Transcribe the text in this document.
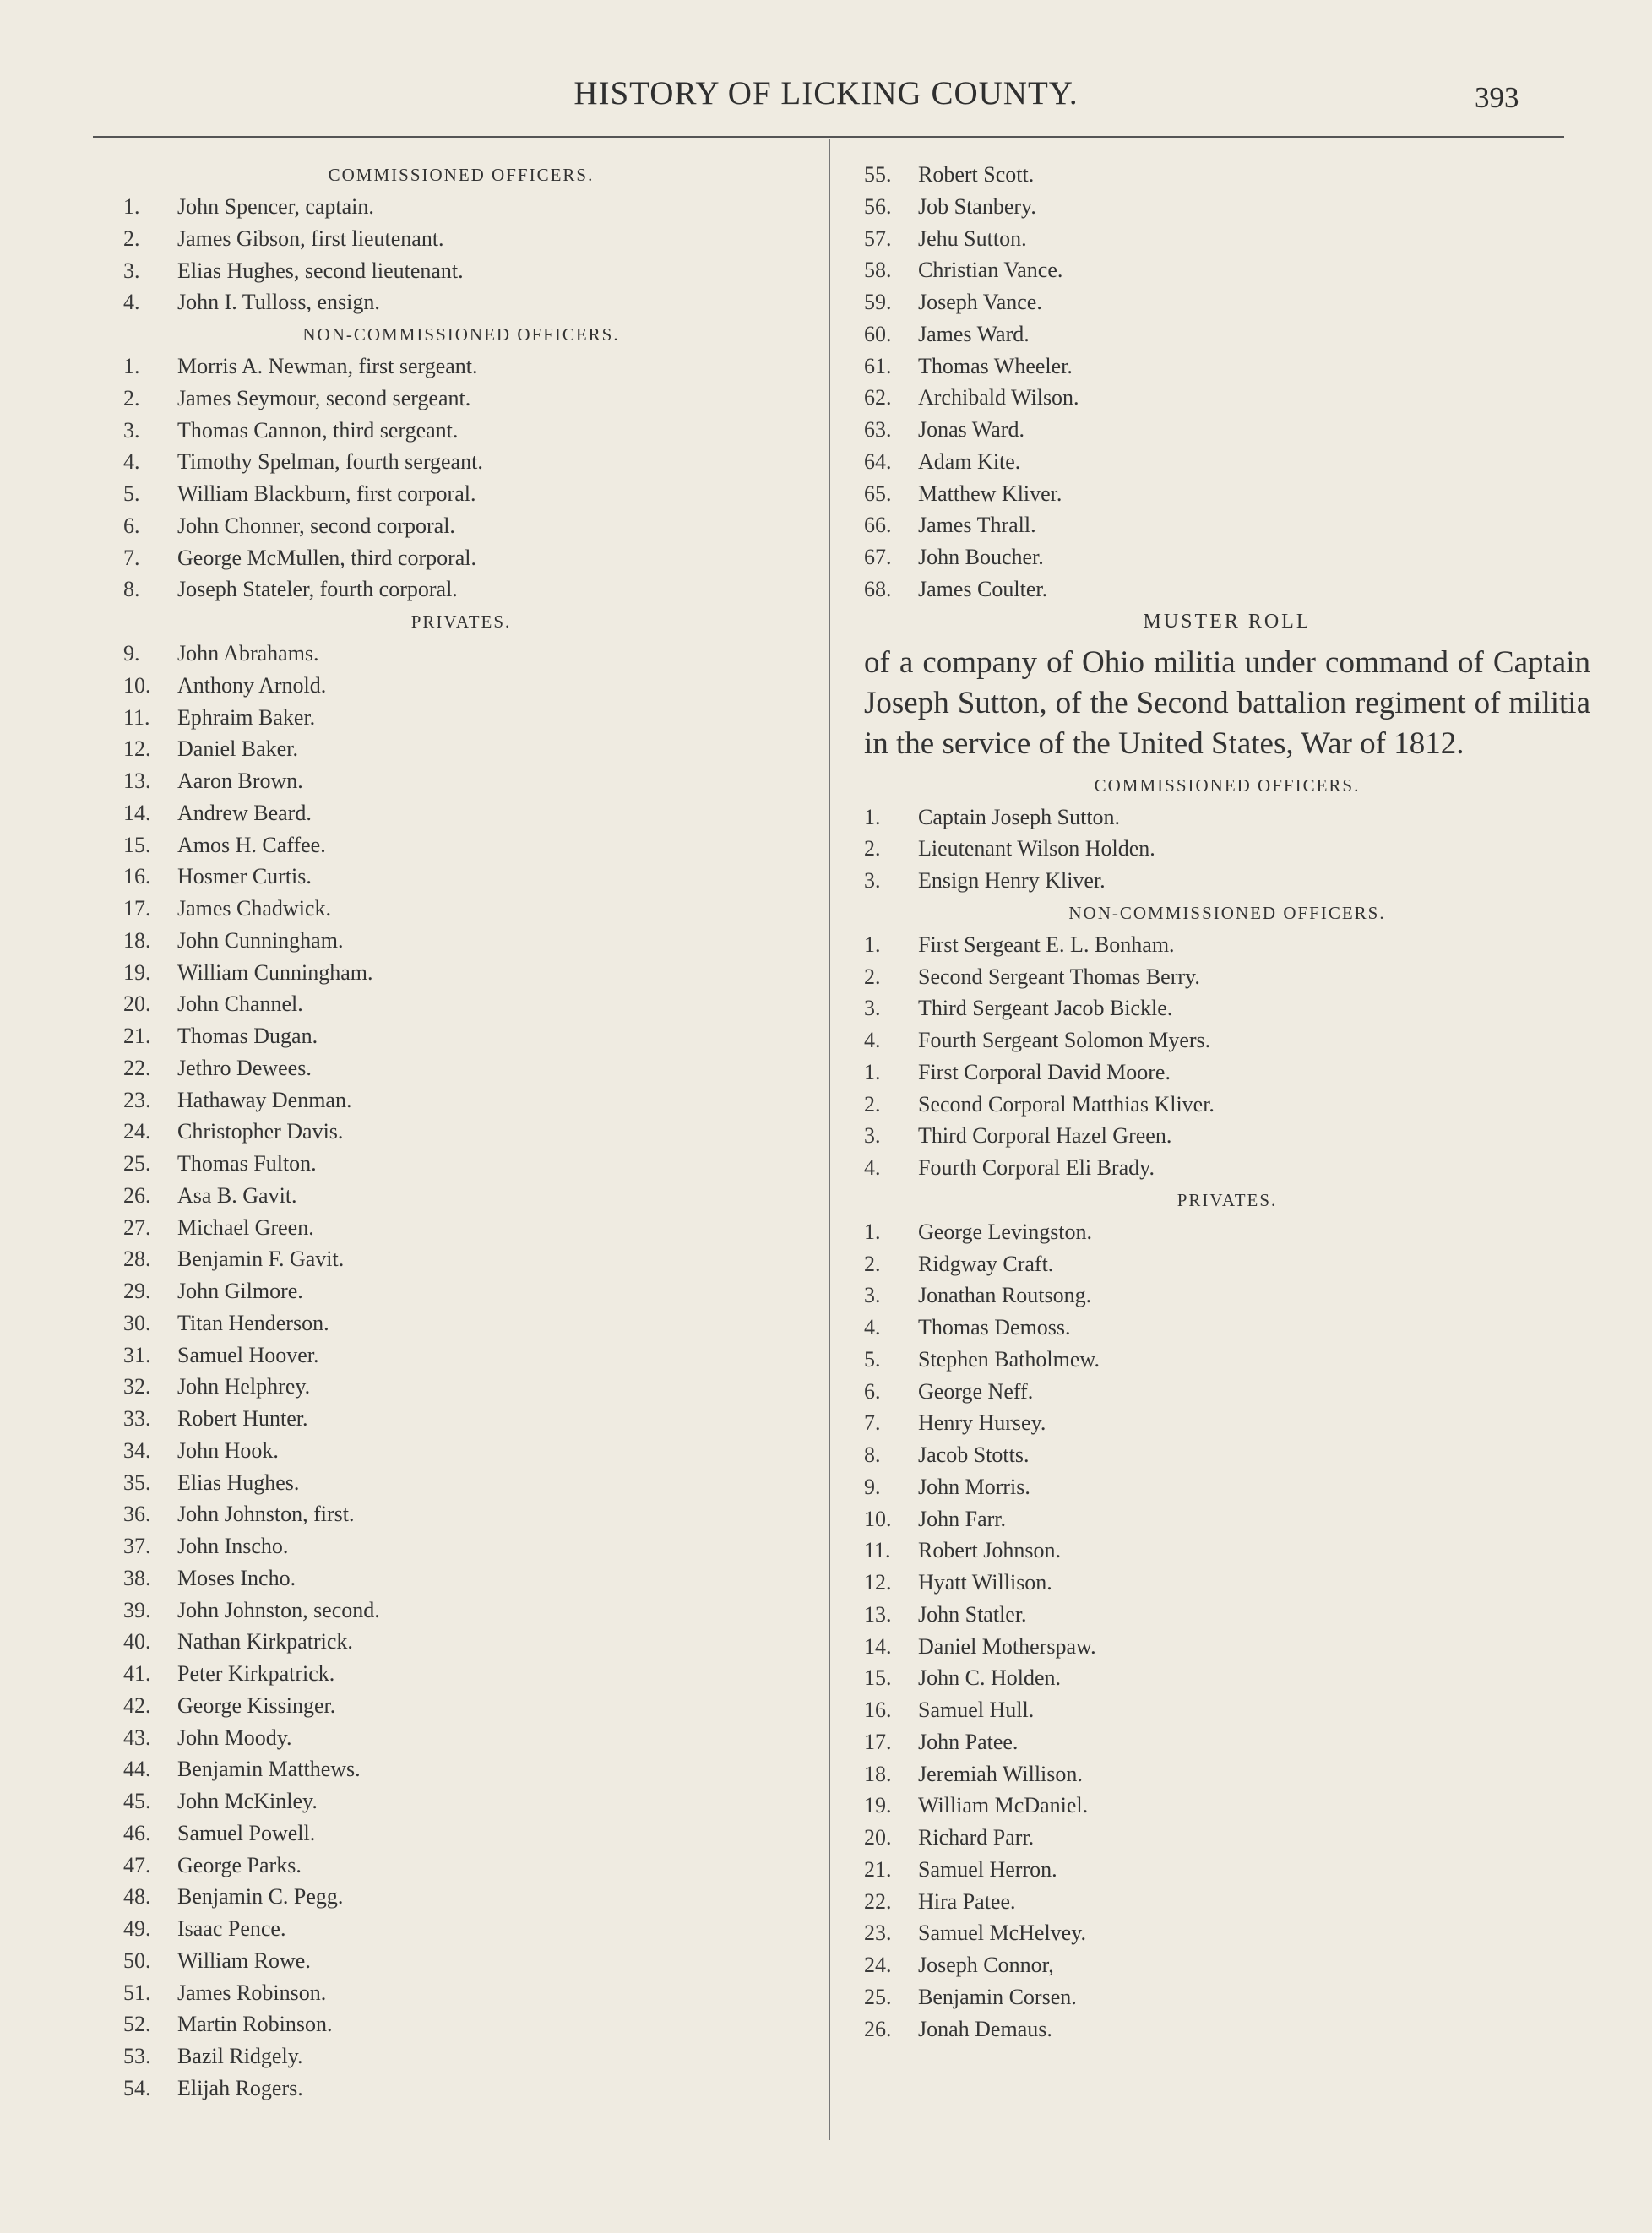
HISTORY OF LICKING COUNTY.	393
COMMISSIONED OFFICERS.
1. John Spencer, captain.
2. James Gibson, first lieutenant.
3. Elias Hughes, second lieutenant.
4. John I. Tulloss, ensign.
NON-COMMISSIONED OFFICERS.
1. Morris A. Newman, first sergeant.
2. James Seymour, second sergeant.
3. Thomas Cannon, third sergeant.
4. Timothy Spelman, fourth sergeant.
5. William Blackburn, first corporal.
6. John Chonner, second corporal.
7. George McMullen, third corporal.
8. Joseph Stateler, fourth corporal.
PRIVATES.
9. John Abrahams.
10. Anthony Arnold.
11. Ephraim Baker.
12. Daniel Baker.
13. Aaron Brown.
14. Andrew Beard.
15. Amos H. Caffee.
16. Hosmer Curtis.
17. James Chadwick.
18. John Cunningham.
19. William Cunningham.
20. John Channel.
21. Thomas Dugan.
22. Jethro Dewees.
23. Hathaway Denman.
24. Christopher Davis.
25. Thomas Fulton.
26. Asa B. Gavit.
27. Michael Green.
28. Benjamin F. Gavit.
29. John Gilmore.
30. Titan Henderson.
31. Samuel Hoover.
32. John Helphrey.
33. Robert Hunter.
34. John Hook.
35. Elias Hughes.
36. John Johnston, first.
37. John Inscho.
38. Moses Incho.
39. John Johnston, second.
40. Nathan Kirkpatrick.
41. Peter Kirkpatrick.
42. George Kissinger.
43. John Moody.
44. Benjamin Matthews.
45. John McKinley.
46. Samuel Powell.
47. George Parks.
48. Benjamin C. Pegg.
49. Isaac Pence.
50. William Rowe.
51. James Robinson.
52. Martin Robinson.
53. Bazil Ridgely.
54. Elijah Rogers.
55. Robert Scott.
56. Job Stanbery.
57. Jehu Sutton.
58. Christian Vance.
59. Joseph Vance.
60. James Ward.
61. Thomas Wheeler.
62. Archibald Wilson.
63. Jonas Ward.
64. Adam Kite.
65. Matthew Kliver.
66. James Thrall.
67. John Boucher.
68. James Coulter.
MUSTER ROLL

of a company of Ohio militia under command of Captain Joseph Sutton, of the Second battalion regiment of militia in the service of the United States, War of 1812.

COMMISSIONED OFFICERS.
1. Captain Joseph Sutton.
2. Lieutenant Wilson Holden.
3. Ensign Henry Kliver.
NON-COMMISSIONED OFFICERS.
1. First Sergeant E. L. Bonham.
2. Second Sergeant Thomas Berry.
3. Third Sergeant Jacob Bickle.
4. Fourth Sergeant Solomon Myers.
1. First Corporal David Moore.
2. Second Corporal Matthias Kliver.
3. Third Corporal Hazel Green.
4. Fourth Corporal Eli Brady.
PRIVATES.
1. George Levingston.
2. Ridgway Craft.
3. Jonathan Routsong.
4. Thomas Demoss.
5. Stephen Batholmew.
6. George Neff.
7. Henry Hursey.
8. Jacob Stotts.
9. John Morris.
10. John Farr.
11. Robert Johnson.
12. Hyatt Willison.
13. John Statler.
14. Daniel Motherspaw.
15. John C. Holden.
16. Samuel Hull.
17. John Patee.
18. Jeremiah Willison.
19. William McDaniel.
20. Richard Parr.
21. Samuel Herron.
22. Hira Patee.
23. Samuel McHelvey.
24. Joseph Connor,
25. Benjamin Corsen.
26. Jonah Demaus.
